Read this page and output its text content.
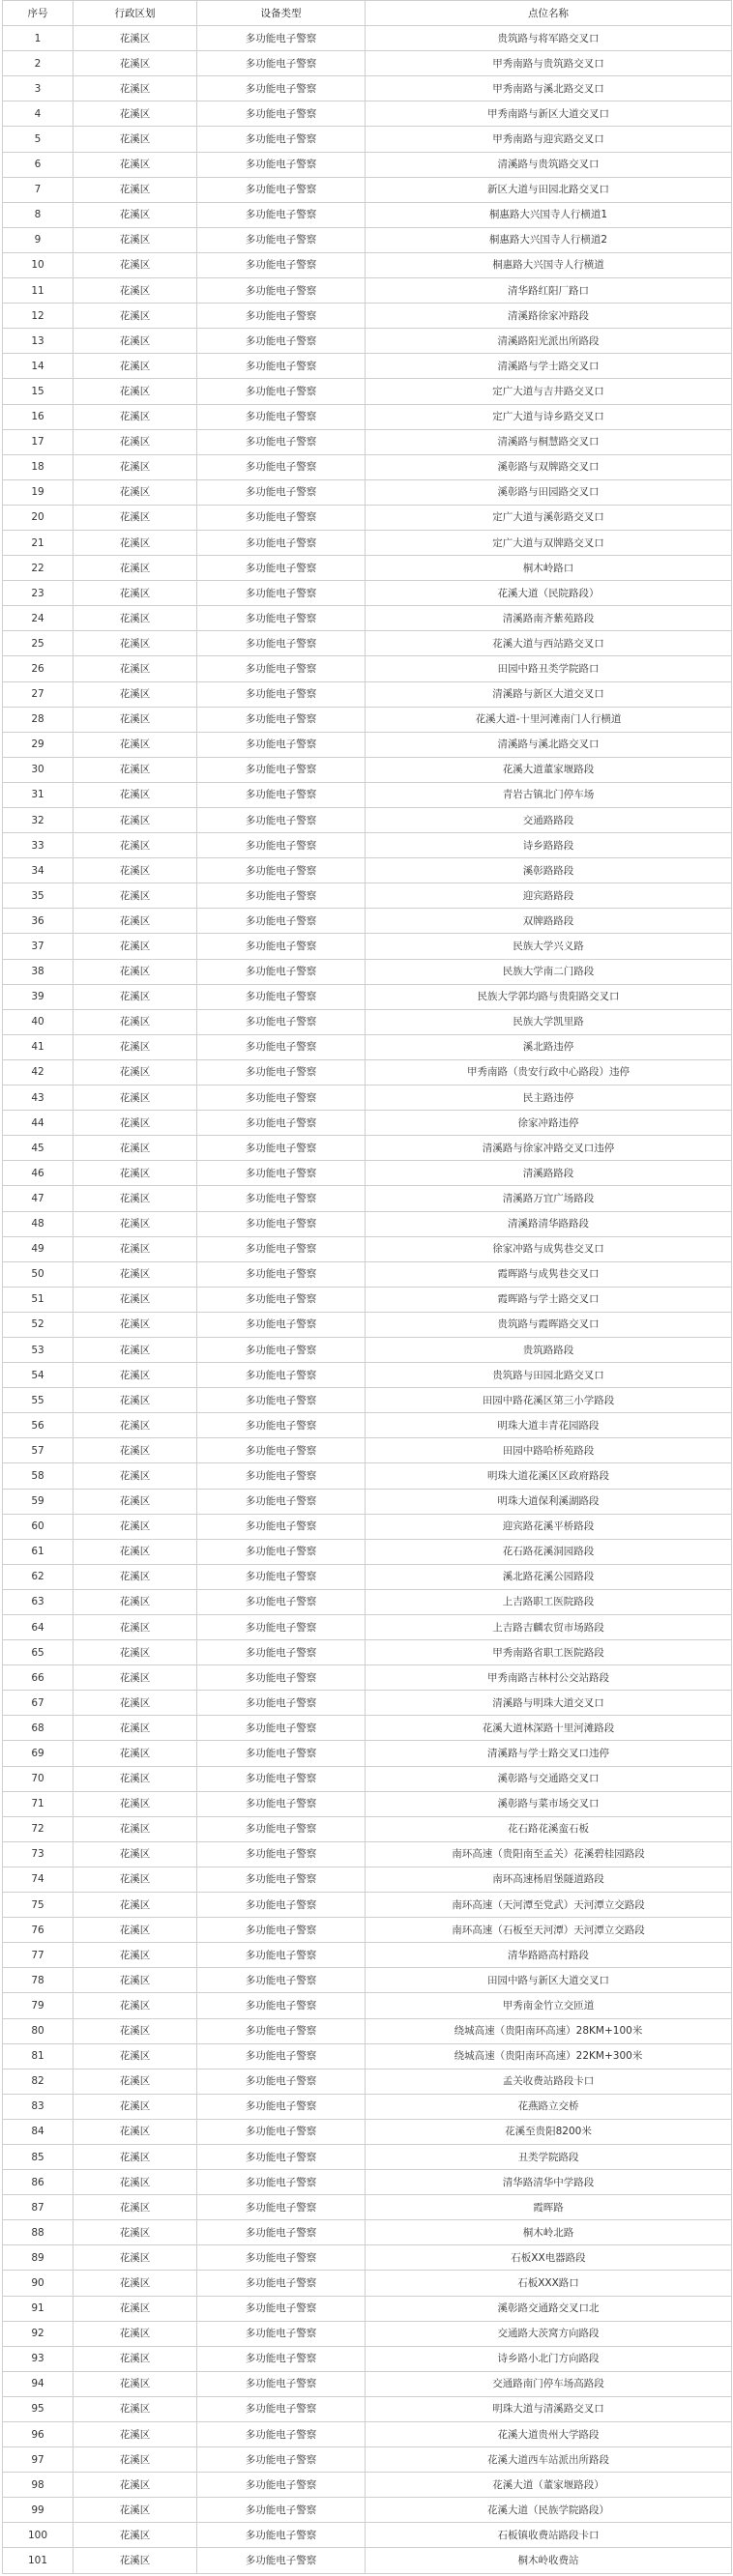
序号	行政区划	设备类型	点位名称
1	花溪区	多功能电子警察	贵筑路与将军路交叉口
2	花溪区	多功能电子警察	甲秀南路与贵筑路交叉口
3	花溪区	多功能电子警察	甲秀南路与溪北路交叉口
4	花溪区	多功能电子警察	甲秀南路与新区大道交叉口
5	花溪区	多功能电子警察	甲秀南路与迎宾路交叉口
6	花溪区	多功能电子警察	清溪路与贵筑路交叉口
7	花溪区	多功能电子警察	新区大道与田园北路交叉口
8	花溪区	多功能电子警察	桐惠路大兴国寺人行横道1
9	花溪区	多功能电子警察	桐惠路大兴国寺人行横道2
10	花溪区	多功能电子警察	桐惠路大兴国寺人行横道
11	花溪区	多功能电子警察	清华路红阳厂路口
12	花溪区	多功能电子警察	清溪路徐家冲路段
13	花溪区	多功能电子警察	清溪路阳光派出所路段
14	花溪区	多功能电子警察	清溪路与学士路交叉口
15	花溪区	多功能电子警察	定广大道与吉井路交叉口
16	花溪区	多功能电子警察	定广大道与诗乡路交叉口
17	花溪区	多功能电子警察	清溪路与桐慧路交叉口
18	花溪区	多功能电子警察	溪彰路与双牌路交叉口
19	花溪区	多功能电子警察	溪彰路与田园路交叉口
20	花溪区	多功能电子警察	定广大道与溪彰路交叉口
21	花溪区	多功能电子警察	定广大道与双牌路交叉口
22	花溪区	多功能电子警察	桐木岭路口
23	花溪区	多功能电子警察	花溪大道（民院路段）
24	花溪区	多功能电子警察	清溪路南齐紫苑路段
25	花溪区	多功能电子警察	花溪大道与西站路交叉口
26	花溪区	多功能电子警察	田园中路丑类学院路口
27	花溪区	多功能电子警察	清溪路与新区大道交叉口
28	花溪区	多功能电子警察	花溪大道-十里河滩南门人行横道
29	花溪区	多功能电子警察	清溪路与溪北路交叉口
30	花溪区	多功能电子警察	花溪大道董家堰路段
31	花溪区	多功能电子警察	青岩古镇北门停车场
32	花溪区	多功能电子警察	交通路路段
33	花溪区	多功能电子警察	诗乡路路段
34	花溪区	多功能电子警察	溪彰路路段
35	花溪区	多功能电子警察	迎宾路路段
36	花溪区	多功能电子警察	双牌路路段
37	花溪区	多功能电子警察	民族大学兴义路
38	花溪区	多功能电子警察	民族大学南二门路段
39	花溪区	多功能电子警察	民族大学郭均路与贵阳路交叉口
40	花溪区	多功能电子警察	民族大学凯里路
41	花溪区	多功能电子警察	溪北路违停
42	花溪区	多功能电子警察	甲秀南路（贵安行政中心路段）违停
43	花溪区	多功能电子警察	民主路违停
44	花溪区	多功能电子警察	徐家冲路违停
45	花溪区	多功能电子警察	清溪路与徐家冲路交叉口违停
46	花溪区	多功能电子警察	清溪路路段
47	花溪区	多功能电子警察	清溪路万宜广场路段
48	花溪区	多功能电子警察	清溪路清华路路段
49	花溪区	多功能电子警察	徐家冲路与成隽巷交叉口
50	花溪区	多功能电子警察	霞晖路与成隽巷交叉口
51	花溪区	多功能电子警察	霞晖路与学士路交叉口
52	花溪区	多功能电子警察	贵筑路与霞晖路交叉口
53	花溪区	多功能电子警察	贵筑路路段
54	花溪区	多功能电子警察	贵筑路与田园北路交叉口
55	花溪区	多功能电子警察	田园中路花溪区第三小学路段
56	花溪区	多功能电子警察	明珠大道丰青花园路段
57	花溪区	多功能电子警察	田园中路哈桥苑路段
58	花溪区	多功能电子警察	明珠大道花溪区区政府路段
59	花溪区	多功能电子警察	明珠大道保利溪湖路段
60	花溪区	多功能电子警察	迎宾路花溪平桥路段
61	花溪区	多功能电子警察	花石路花溪洞园路段
62	花溪区	多功能电子警察	溪北路花溪公园路段
63	花溪区	多功能电子警察	上吉路职工医院路段
64	花溪区	多功能电子警察	上吉路吉麟农贸市场路段
65	花溪区	多功能电子警察	甲秀南路省职工医院路段
66	花溪区	多功能电子警察	甲秀南路吉林村公交站路段
67	花溪区	多功能电子警察	清溪路与明珠大道交叉口
68	花溪区	多功能电子警察	花溪大道林深路十里河滩路段
69	花溪区	多功能电子警察	清溪路与学士路交叉口违停
70	花溪区	多功能电子警察	溪彰路与交通路交叉口
71	花溪区	多功能电子警察	溪彰路与菜市场交叉口
72	花溪区	多功能电子警察	花石路花溪蛮石板
73	花溪区	多功能电子警察	南环高速（贵阳南至孟关）花溪碧桂园路段
74	花溪区	多功能电子警察	南环高速杨眉堡隧道路段
75	花溪区	多功能电子警察	南环高速（天河潭至党武）天河潭立交路段
76	花溪区	多功能电子警察	南环高速（石板至天河潭）天河潭立交路段
77	花溪区	多功能电子警察	清华路路高村路段
78	花溪区	多功能电子警察	田园中路与新区大道交叉口
79	花溪区	多功能电子警察	甲秀南金竹立交匝道
80	花溪区	多功能电子警察	绕城高速（贵阳南环高速）28KM+100米
81	花溪区	多功能电子警察	绕城高速（贵阳南环高速）22KM+300米
82	花溪区	多功能电子警察	孟关收费站路段卡口
83	花溪区	多功能电子警察	花燕路立交桥
84	花溪区	多功能电子警察	花溪至贵阳8200米
85	花溪区	多功能电子警察	丑类学院路段
86	花溪区	多功能电子警察	清华路清华中学路段
87	花溪区	多功能电子警察	霞晖路
88	花溪区	多功能电子警察	桐木岭北路
89	花溪区	多功能电子警察	石板XX电器路段
90	花溪区	多功能电子警察	石板XXX路口
91	花溪区	多功能电子警察	溪彰路交通路交叉口北
92	花溪区	多功能电子警察	交通路大茨窝方向路段
93	花溪区	多功能电子警察	诗乡路小北门方向路段
94	花溪区	多功能电子警察	交通路南门停车场高路段
95	花溪区	多功能电子警察	明珠大道与清溪路交叉口
96	花溪区	多功能电子警察	花溪大道贵州大学路段
97	花溪区	多功能电子警察	花溪大道西车站派出所路段
98	花溪区	多功能电子警察	花溪大道（董家堰路段）
99	花溪区	多功能电子警察	花溪大道（民族学院路段）
100	花溪区	多功能电子警察	石板镇收费站路段卡口
101	花溪区	多功能电子警察	桐木岭收费站
